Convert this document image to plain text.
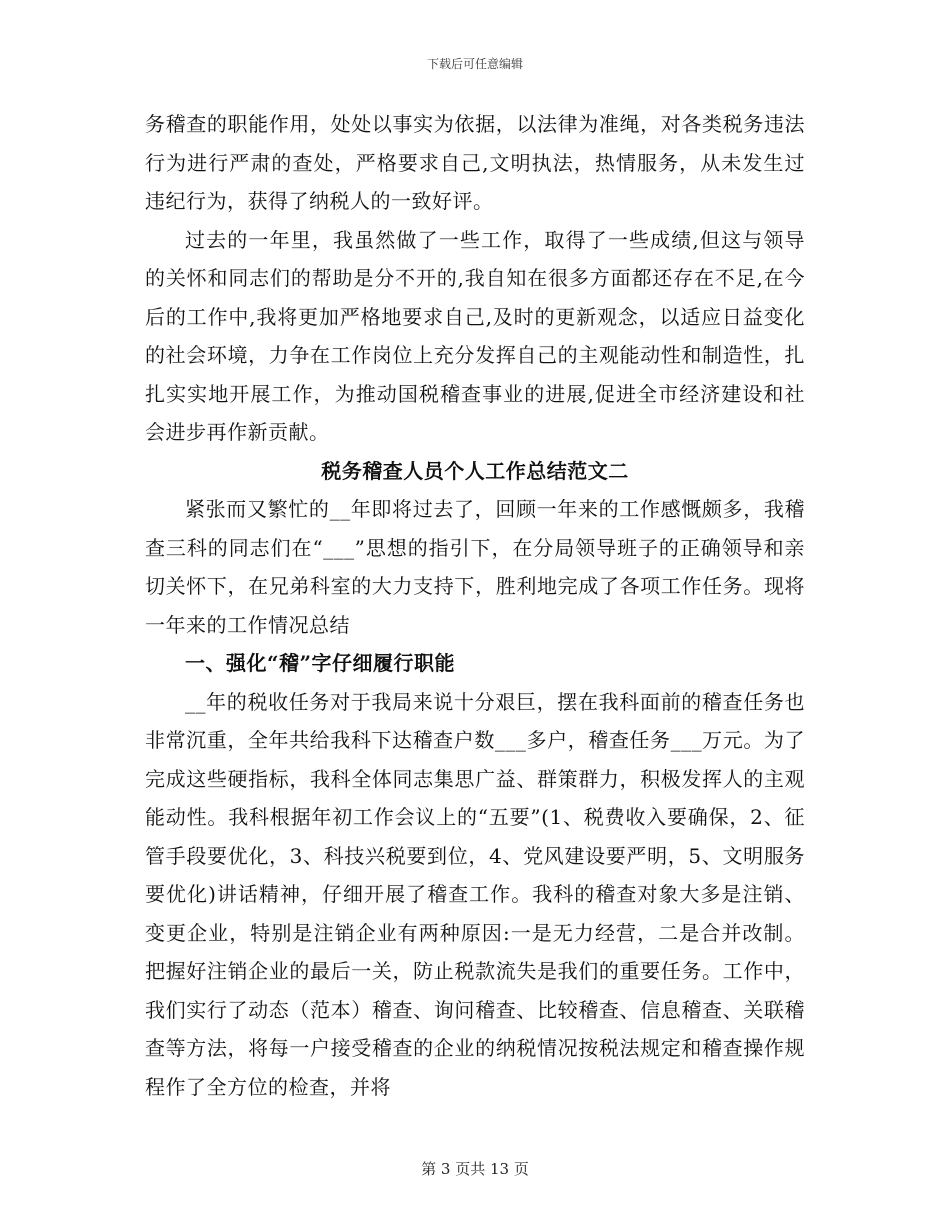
下载后可任意编辑

务稽查的职能作用，处处以事实为依据，以法律为准绳，对各类税务违法行为进行严肃的查处，严格要求自己,文明执法，热情服务，从未发生过违纪行为，获得了纳税人的一致好评。

过去的一年里，我虽然做了一些工作，取得了一些成绩,但这与领导的关怀和同志们的帮助是分不开的,我自知在很多方面都还存在不足,在今后的工作中,我将更加严格地要求自己,及时的更新观念，以适应日益变化的社会环境，力争在工作岗位上充分发挥自己的主观能动性和制造性，扎扎实实地开展工作，为推动国税稽查事业的进展,促进全市经济建设和社会进步再作新贡献。

税务稽查人员个人工作总结范文二

紧张而又繁忙的__年即将过去了，回顾一年来的工作感慨颇多，我稽查三科的同志们在“___”思想的指引下，在分局领导班子的正确领导和亲切关怀下，在兄弟科室的大力支持下，胜利地完成了各项工作任务。现将一年来的工作情况总结

一、强化“稽”字仔细履行职能

__年的税收任务对于我局来说十分艰巨，摆在我科面前的稽查任务也非常沉重，全年共给我科下达稽查户数___多户，稽查任务___万元。为了完成这些硬指标，我科全体同志集思广益、群策群力，积极发挥人的主观能动性。我科根据年初工作会议上的“五要”(1、税费收入要确保，2、征管手段要优化，3、科技兴税要到位，4、党风建设要严明，5、文明服务要优化)讲话精神，仔细开展了稽查工作。我科的稽查对象大多是注销、变更企业，特别是注销企业有两种原因:一是无力经营，二是合并改制。把握好注销企业的最后一关，防止税款流失是我们的重要任务。工作中，我们实行了动态（范本）稽查、询问稽查、比较稽查、信息稽查、关联稽查等方法，将每一户接受稽查的企业的纳税情况按税法规定和稽查操作规程作了全方位的检查，并将

第 3 页共 13 页
